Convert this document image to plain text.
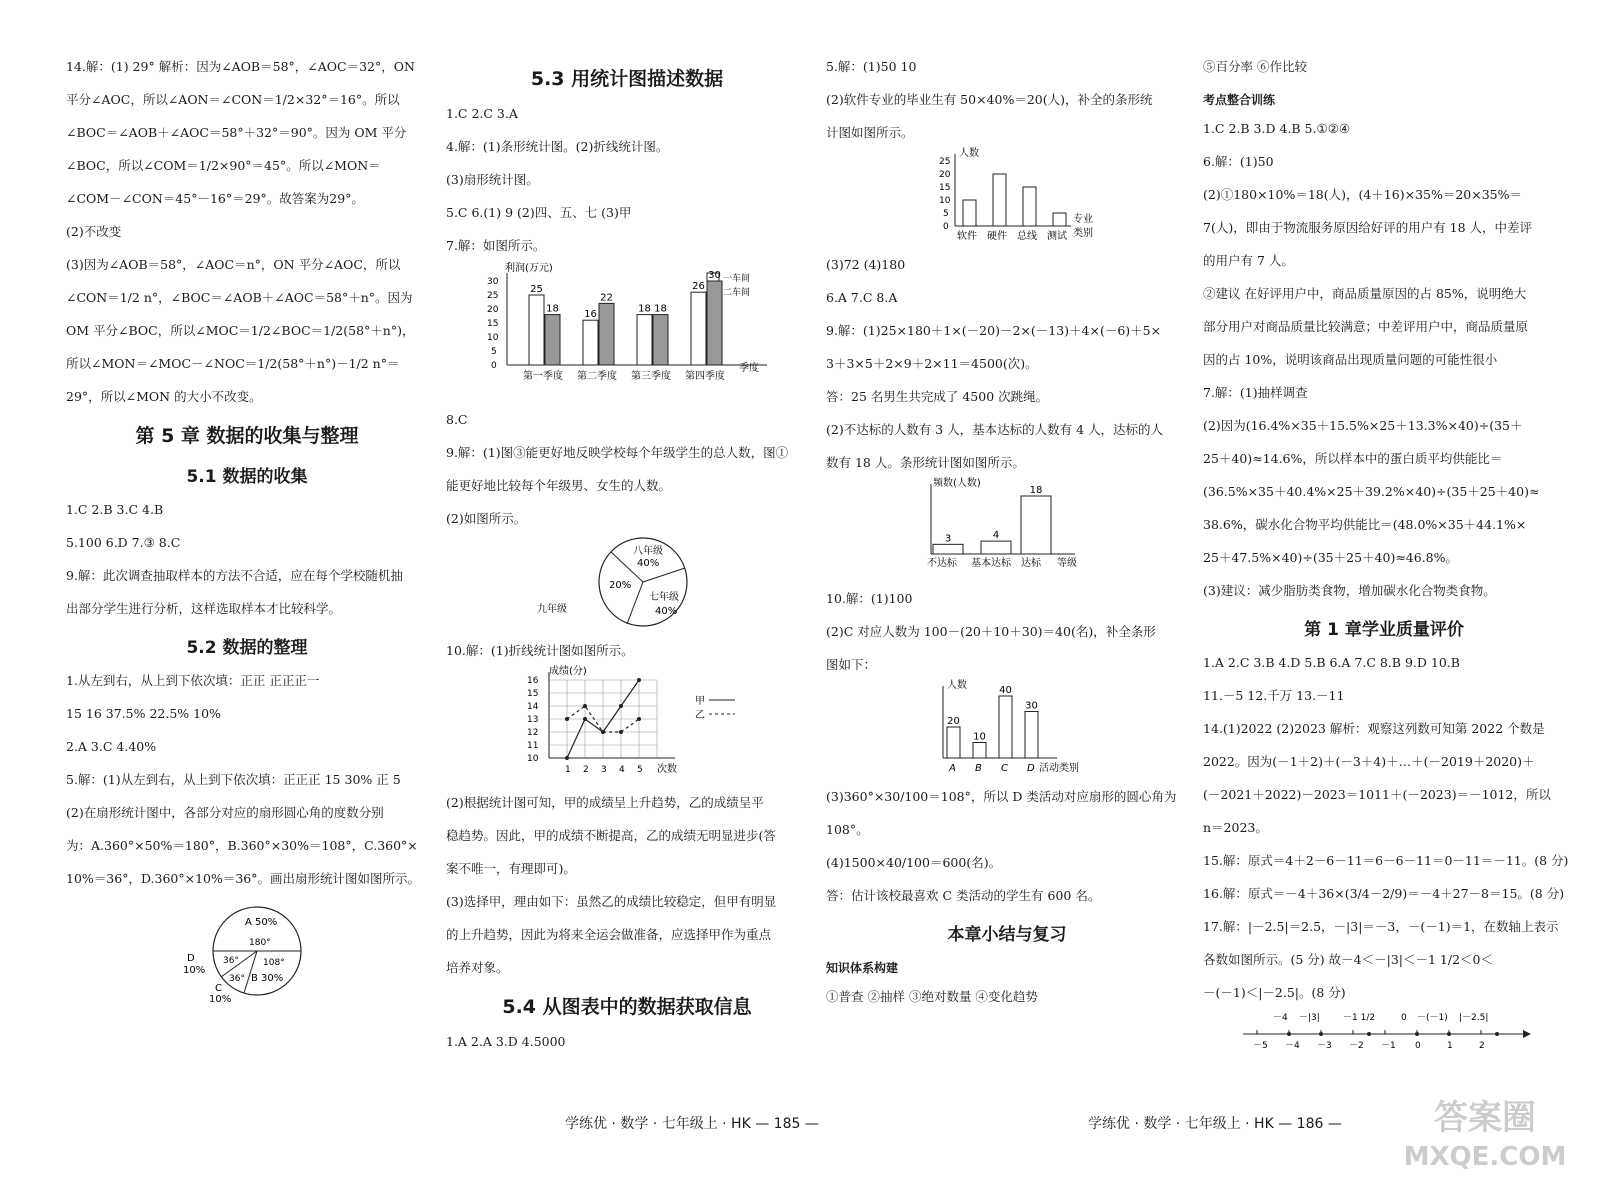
14.解：(1) 29° 解析：因为∠AOB＝58°，∠AOC＝32°，ON
平分∠AOC，所以∠AON＝∠CON＝1/2×32°＝16°。所以
∠BOC＝∠AOB＋∠AOC＝58°＋32°＝90°。因为 OM 平分
∠BOC，所以∠COM＝1/2×90°＝45°。所以∠MON＝
∠COM－∠CON＝45°－16°＝29°。故答案为29°。
(2)不改变
(3)因为∠AOB＝58°，∠AOC＝n°，ON 平分∠AOC，所以
∠CON＝1/2 n°，∠BOC＝∠AOB＋∠AOC＝58°＋n°。因为
OM 平分∠BOC，所以∠MOC＝1/2∠BOC＝1/2(58°＋n°)，
所以∠MON＝∠MOC－∠NOC＝1/2(58°＋n°)－1/2 n°＝
29°，所以∠MON 的大小不改变。
第 5 章 数据的收集与整理
5.1 数据的收集
1.C 2.B 3.C 4.B
5.100 6.D 7.③ 8.C
9.解：此次调查抽取样本的方法不合适，应在每个学校随机抽
出部分学生进行分析，这样选取样本才比较科学。
5.2 数据的整理
1.从左到右，从上到下依次填：正正 正正正一
15 16 37.5% 22.5% 10%
2.A 3.C 4.40%
5.解：(1)从左到右，从上到下依次填：正正正 15 30% 正 5
(2)在扇形统计图中，各部分对应的扇形圆心角的度数分别
为：A.360°×50%＝180°，B.360°×30%＝108°，C.360°×
10%＝36°，D.360°×10%＝36°。画出扇形统计图如图所示。
A 50%
180°
D
10%
36°
36°
108°
B 30%
C
10%
5.3 用统计图描述数据
1.C 2.C 3.A
4.解：(1)条形统计图。(2)折线统计图。
(3)扇形统计图。
5.C 6.(1) 9 (2)四、五、七 (3)甲
7.解：如图所示。
利润(万元)
0
5
10
15
20
25
30
第一季度 第二季度 第三季度 第四季度
季度
一车间
二车间
25
16
18
26
18
22
18
30
8.C
9.解：(1)图③能更好地反映学校每个年级学生的总人数，图①
能更好地比较每个年级男、女生的人数。
(2)如图所示。
八年级
40%
20%
九年级
七年级
40%
10.解：(1)折线统计图如图所示。
成绩(分)
10
11
12
13
14
15
16
1 2 3 4 5 次数
甲
乙
(2)根据统计图可知，甲的成绩呈上升趋势，乙的成绩呈平
稳趋势。因此，甲的成绩不断提高，乙的成绩无明显进步(答
案不唯一，有理即可)。
(3)选择甲，理由如下：虽然乙的成绩比较稳定，但甲有明显
的上升趋势，因此为将来全运会做准备，应选择甲作为重点
培养对象。
5.4 从图表中的数据获取信息
1.A 2.A 3.D 4.5000
5.解：(1)50 10
(2)软件专业的毕业生有 50×40%＝20(人)，补全的条形统
计图如图所示。
人数
0
5
10
15
20
25
软件 硬件 总线 测试
专业
类别
(3)72 (4)180
6.A 7.C 8.A
9.解：(1)25×180＋1×(－20)－2×(－13)＋4×(－6)＋5×
3＋3×5＋2×9＋2×11＝4500(次)。
答：25 名男生共完成了 4500 次跳绳。
(2)不达标的人数有 3 人，基本达标的人数有 4 人，达标的人
数有 18 人。条形统计图如图所示。
频数(人数)
不达标 基本达标 达标 等级
3	4
18
10.解：(1)100
(2)C 对应人数为 100－(20＋10＋30)＝40(名)，补全条形
图如下：
人数
A B C D 活动类别
20
10
40
30
(3)360°×30/100＝108°，所以 D 类活动对应扇形的圆心角为
108°。
(4)1500×40/100＝600(名)。
答：估计该校最喜欢 C 类活动的学生有 600 名。
本章小结与复习
知识体系构建
①普查 ②抽样 ③绝对数量 ④变化趋势
⑤百分率 ⑥作比较
考点整合训练
1.C 2.B 3.D 4.B 5.①②④
6.解：(1)50
(2)①180×10%＝18(人)，(4＋16)×35%＝20×35%＝
7(人)，即由于物流服务原因给好评的用户有 18 人，中差评
的用户有 7 人。
②建议 在好评用户中，商品质量原因的占 85%，说明绝大
部分用户对商品质量比较满意；中差评用户中，商品质量原
因的占 10%，说明该商品出现质量问题的可能性很小
7.解：(1)抽样调查
(2)因为(16.4%×35＋15.5%×25＋13.3%×40)÷(35＋
25＋40)≈14.6%，所以样本中的蛋白质平均供能比＝
(36.5%×35＋40.4%×25＋39.2%×40)÷(35＋25＋40)≈
38.6%，碳水化合物平均供能比＝(48.0%×35＋44.1%×
25＋47.5%×40)÷(35＋25＋40)≈46.8%。
(3)建议：减少脂肪类食物，增加碳水化合物类食物。
第 1 章学业质量评价
1.A 2.C 3.B 4.D 5.B 6.A 7.C 8.B 9.D 10.B
11.－5 12.千万 13.－11
14.(1)2022 (2)2023 解析：观察这列数可知第 2022 个数是
2022。因为(－1＋2)＋(－3＋4)＋…＋(－2019＋2020)＋
(－2021＋2022)－2023＝1011＋(－2023)＝－1012，所以
n＝2023。
15.解：原式＝4＋2－6－11＝6－6－11＝0－11＝－11。(8 分)
16.解：原式＝－4＋36×(3/4－2/9)＝－4＋27－8＝15。(8 分)
17.解：|－2.5|＝2.5，－|3|＝－3，－(－1)＝1，在数轴上表示
各数如图所示。(5 分) 故－4＜－|3|＜－1 1/2＜0＜
－(－1)＜|－2.5|。(8 分)
－4 －|3|	－1 1/2	0 －(－1) |－2.5|
－5 －4 －3 －2 －1 0	1	2
学练优 · 数学 · 七年级上 · HK — 185 —	学练优 · 数学 · 七年级上 · HK — 186 —	答案圈
MXQE.COM
